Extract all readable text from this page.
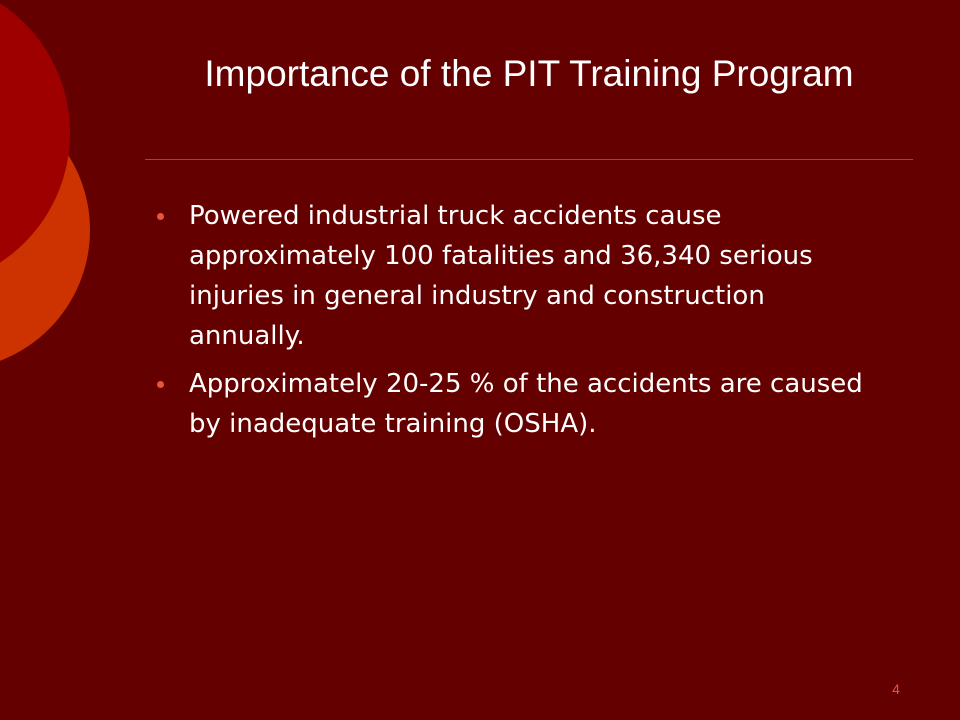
Importance of the PIT Training Program
Powered industrial truck accidents cause approximately 100 fatalities and 36,340 serious injuries in general industry and construction annually.
Approximately 20-25 % of the accidents are caused by inadequate training (OSHA).
4
